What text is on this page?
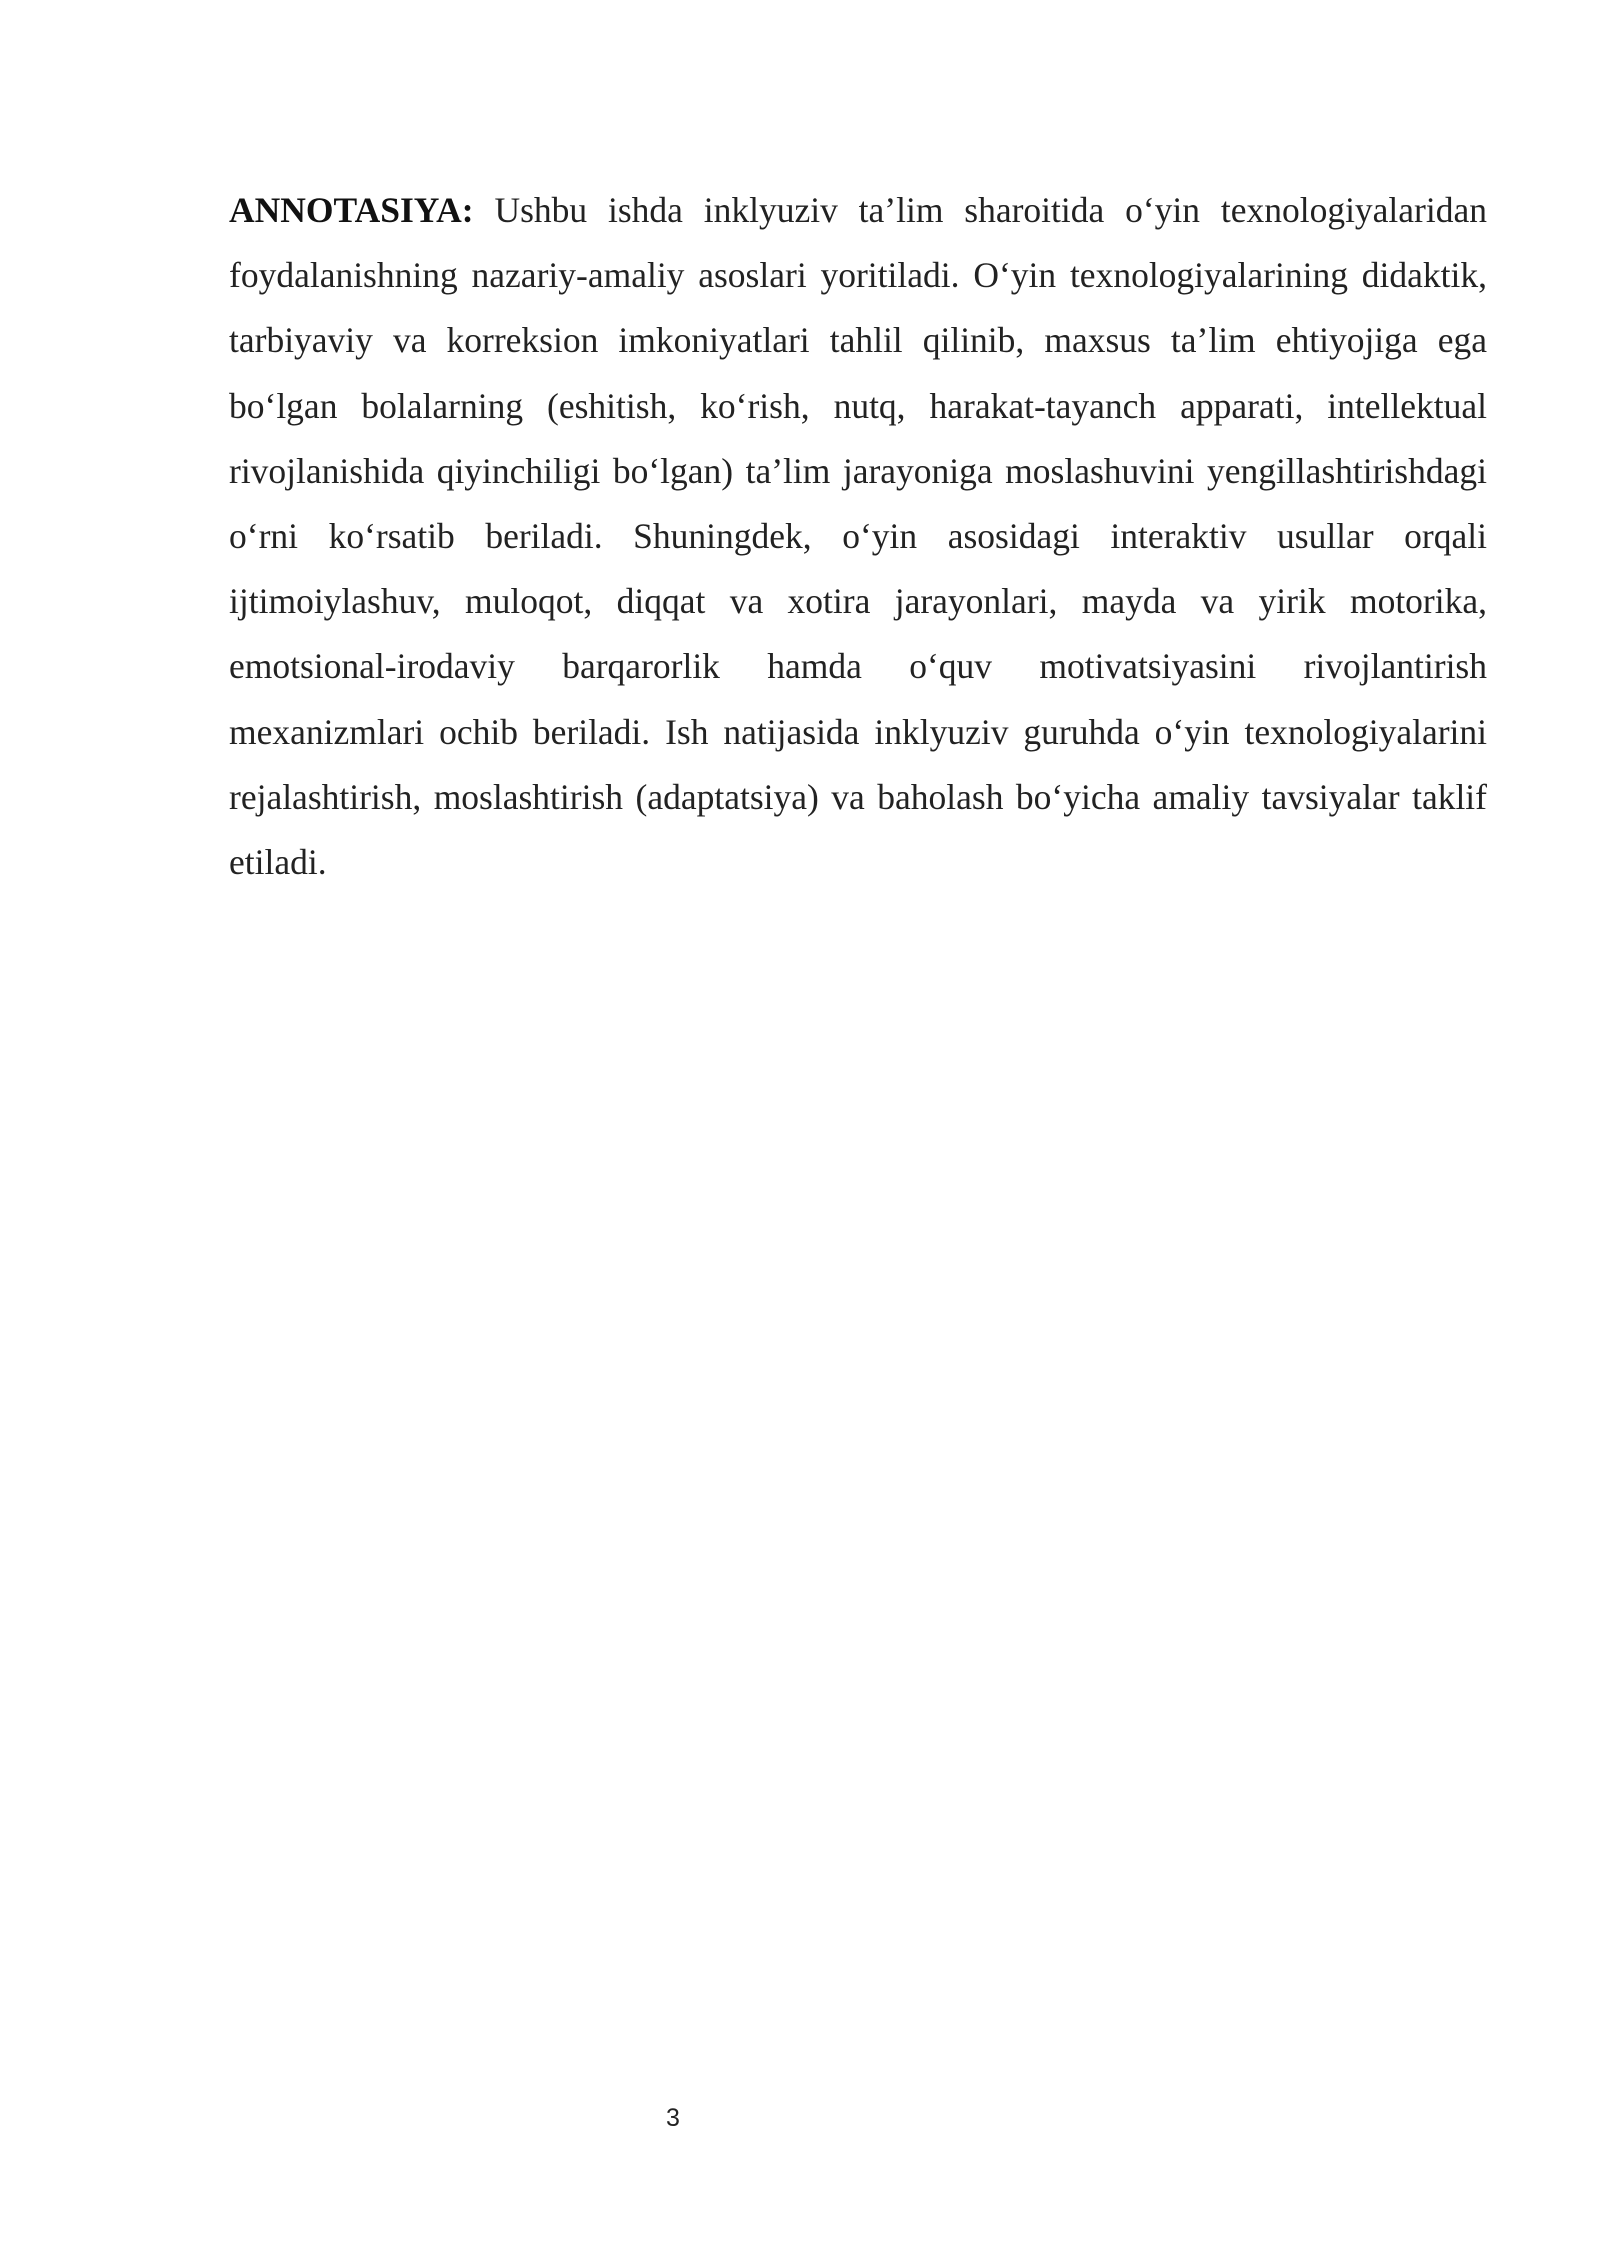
ANNOTASIYA: Ushbu ishda inklyuziv ta’lim sharoitida o‘yin texnologiyalaridan foydalanishning nazariy-amaliy asoslari yoritiladi. O‘yin texnologiyalarining didaktik, tarbiyaviy va korreksion imkoniyatlari tahlil qilinib, maxsus ta’lim ehtiyojiga ega bo‘lgan bolalarning (eshitish, ko‘rish, nutq, harakat-tayanch apparati, intellektual rivojlanishida qiyinchiligi bo‘lgan) ta’lim jarayoniga moslashuvini yengillashtirishdagi o‘rni ko‘rsatib beriladi. Shuningdek, o‘yin asosidagi interaktiv usullar orqali ijtimoiylashuv, muloqot, diqqat va xotira jarayonlari, mayda va yirik motorika, emotsional-irodaviy barqarorlik hamda o‘quv motivatsiyasini rivojlantirish mexanizmlari ochib beriladi. Ish natijasida inklyuziv guruhda o‘yin texnologiyalarini rejalashtirish, moslashtirish (adaptatsiya) va baholash bo‘yicha amaliy tavsiyalar taklif etiladi.

3
